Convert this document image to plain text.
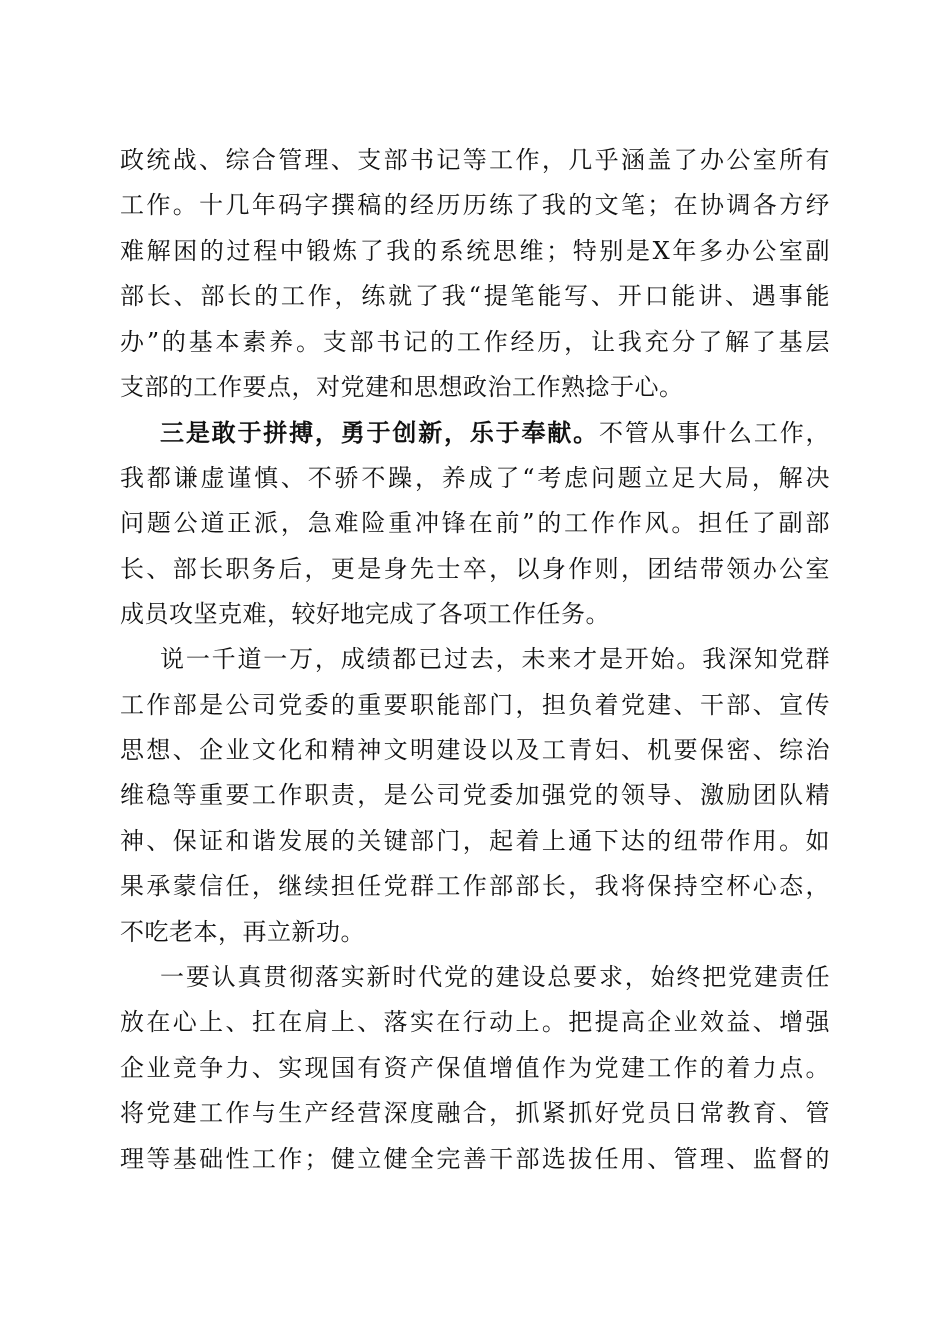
政统战、综合管理、支部书记等工作，几乎涵盖了办公室所有
工作。十几年码字撰稿的经历历练了我的文笔；在协调各方纾
难解困的过程中锻炼了我的系统思维；特别是X年多办公室副
部长、部长的工作，练就了我“提笔能写、开口能讲、遇事能
办”的基本素养。支部书记的工作经历，让我充分了解了基层
支部的工作要点，对党建和思想政治工作熟捻于心。
三是敢于拼搏，勇于创新，乐于奉献。不管从事什么工作，
我都谦虚谨慎、不骄不躁，养成了“考虑问题立足大局，解决
问题公道正派，急难险重冲锋在前”的工作作风。担任了副部
长、部长职务后，更是身先士卒，以身作则，团结带领办公室
成员攻坚克难，较好地完成了各项工作任务。
说一千道一万，成绩都已过去，未来才是开始。我深知党群
工作部是公司党委的重要职能部门，担负着党建、干部、宣传
思想、企业文化和精神文明建设以及工青妇、机要保密、综治
维稳等重要工作职责，是公司党委加强党的领导、激励团队精
神、保证和谐发展的关键部门，起着上通下达的纽带作用。如
果承蒙信任，继续担任党群工作部部长，我将保持空杯心态，
不吃老本，再立新功。
一要认真贯彻落实新时代党的建设总要求，始终把党建责任
放在心上、扛在肩上、落实在行动上。把提高企业效益、增强
企业竞争力、实现国有资产保值增值作为党建工作的着力点。
将党建工作与生产经营深度融合，抓紧抓好党员日常教育、管
理等基础性工作；健立健全完善干部选拔任用、管理、监督的
